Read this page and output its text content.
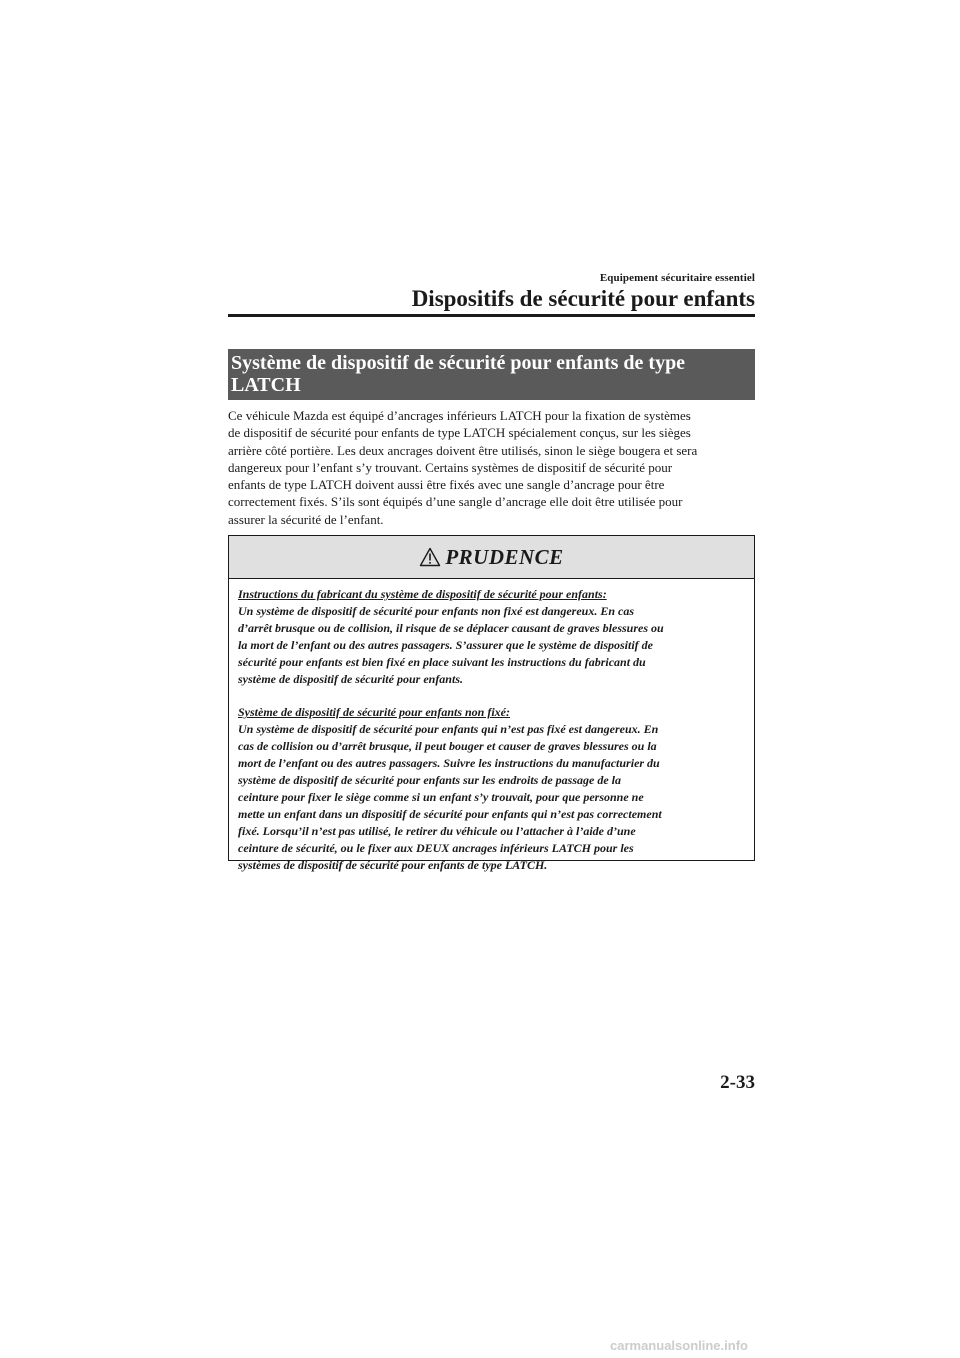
Equipement sécuritaire essentiel
Dispositifs de sécurité pour enfants
Système de dispositif de sécurité pour enfants de type
LATCH
Ce véhicule Mazda est équipé d’ancrages inférieurs LATCH pour la fixation de systèmes
de dispositif de sécurité pour enfants de type LATCH spécialement conçus, sur les sièges
arrière côté portière. Les deux ancrages doivent être utilisés, sinon le siège bougera et sera
dangereux pour l’enfant s’y trouvant. Certains systèmes de dispositif de sécurité pour
enfants de type LATCH doivent aussi être fixés avec une sangle d’ancrage pour être
correctement fixés. S’ils sont équipés d’une sangle d’ancrage elle doit être utilisée pour
assurer la sécurité de l’enfant.
PRUDENCE
Instructions du fabricant du système de dispositif de sécurité pour enfants:
Un système de dispositif de sécurité pour enfants non fixé est dangereux. En cas
d’arrêt brusque ou de collision, il risque de se déplacer causant de graves blessures ou
la mort de l’enfant ou des autres passagers. S’assurer que le système de dispositif de
sécurité pour enfants est bien fixé en place suivant les instructions du fabricant du
système de dispositif de sécurité pour enfants.
Système de dispositif de sécurité pour enfants non fixé:
Un système de dispositif de sécurité pour enfants qui n’est pas fixé est dangereux. En
cas de collision ou d’arrêt brusque, il peut bouger et causer de graves blessures ou la
mort de l’enfant ou des autres passagers. Suivre les instructions du manufacturier du
système de dispositif de sécurité pour enfants sur les endroits de passage de la
ceinture pour fixer le siège comme si un enfant s’y trouvait, pour que personne ne
mette un enfant dans un dispositif de sécurité pour enfants qui n’est pas correctement
fixé. Lorsqu’il n’est pas utilisé, le retirer du véhicule ou l’attacher à l’aide d’une
ceinture de sécurité, ou le fixer aux DEUX ancrages inférieurs LATCH pour les
systèmes de dispositif de sécurité pour enfants de type LATCH.
2-33
carmanualsonline.info
